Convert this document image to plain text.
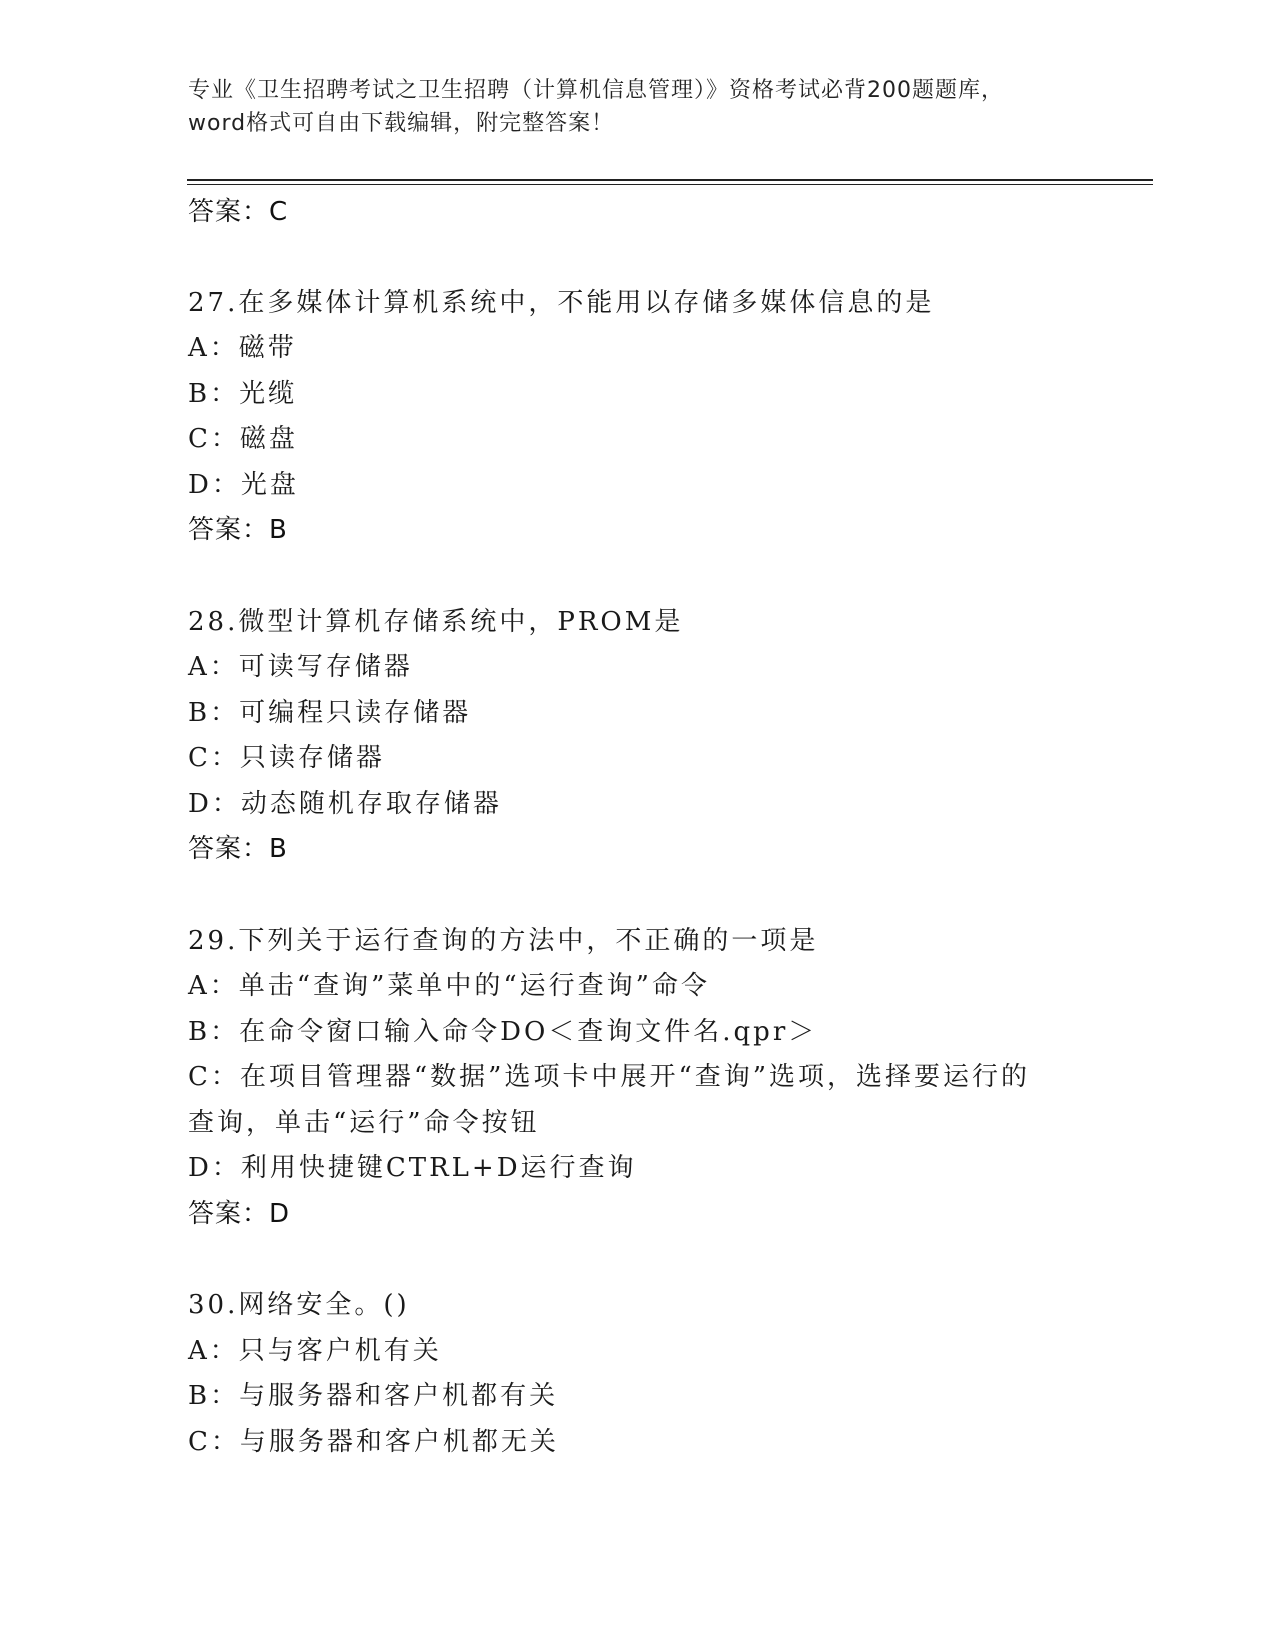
专业《卫生招聘考试之卫生招聘（计算机信息管理）》资格考试必背200题题库，
word格式可自由下载编辑，附完整答案！
答案：C
27.在多媒体计算机系统中，不能用以存储多媒体信息的是
A：磁带
B：光缆
C：磁盘
D：光盘
答案：B
28.微型计算机存储系统中，PROM是
A：可读写存储器
B：可编程只读存储器
C：只读存储器
D：动态随机存取存储器
答案：B
29.下列关于运行查询的方法中，不正确的一项是
A：单击“查询”菜单中的“运行查询”命令
B：在命令窗口输入命令DO＜查询文件名.qpr＞
C：在项目管理器“数据”选项卡中展开“查询”选项，选择要运行的
查询，单击“运行”命令按钮
D：利用快捷键CTRL+D运行查询
答案：D
30.网络安全。()
A：只与客户机有关
B：与服务器和客户机都有关
C：与服务器和客户机都无关
